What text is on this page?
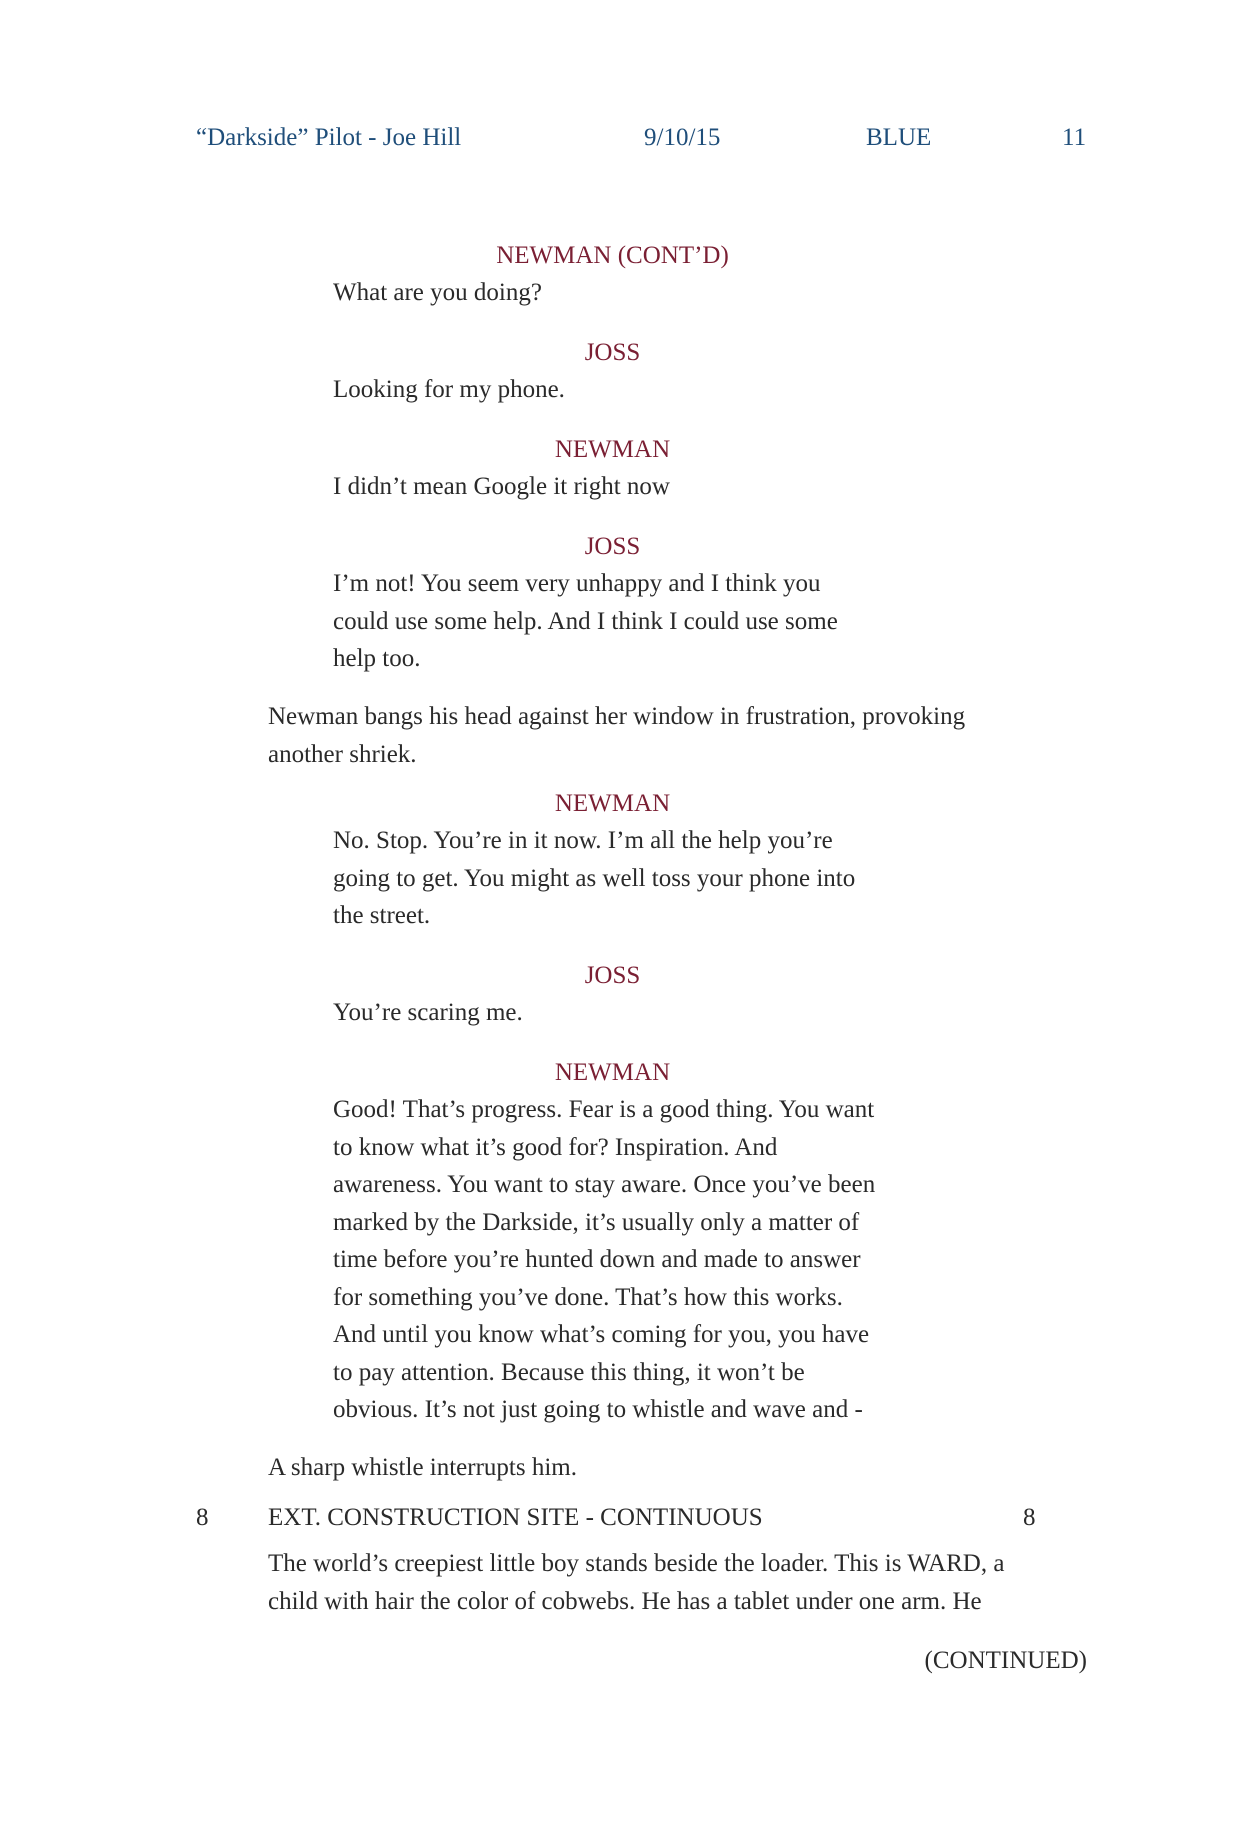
“Darkside” Pilot - Joe Hill	9/10/15	BLUE	11
NEWMAN (CONT’D)
What are you doing?
JOSS
Looking for my phone.
NEWMAN
I didn’t mean Google it right now
JOSS
I’m not! You seem very unhappy and I think you
could use some help. And I think I could use some
help too.
Newman bangs his head against her window in frustration, provoking
another shriek.
NEWMAN
No. Stop. You’re in it now. I’m all the help you’re
going to get. You might as well toss your phone into
the street.
JOSS
You’re scaring me.
NEWMAN
Good! That’s progress. Fear is a good thing. You want
to know what it’s good for? Inspiration. And
awareness. You want to stay aware. Once you’ve been
marked by the Darkside, it’s usually only a matter of
time before you’re hunted down and made to answer
for something you’ve done. That’s how this works.
And until you know what’s coming for you, you have
to pay attention. Because this thing, it won’t be
obvious. It’s not just going to whistle and wave and -
A sharp whistle interrupts him.
8 EXT. CONSTRUCTION SITE - CONTINUOUS	8
The world’s creepiest little boy stands beside the loader. This is WARD, a
child with hair the color of cobwebs. He has a tablet under one arm. He
(CONTINUED)
